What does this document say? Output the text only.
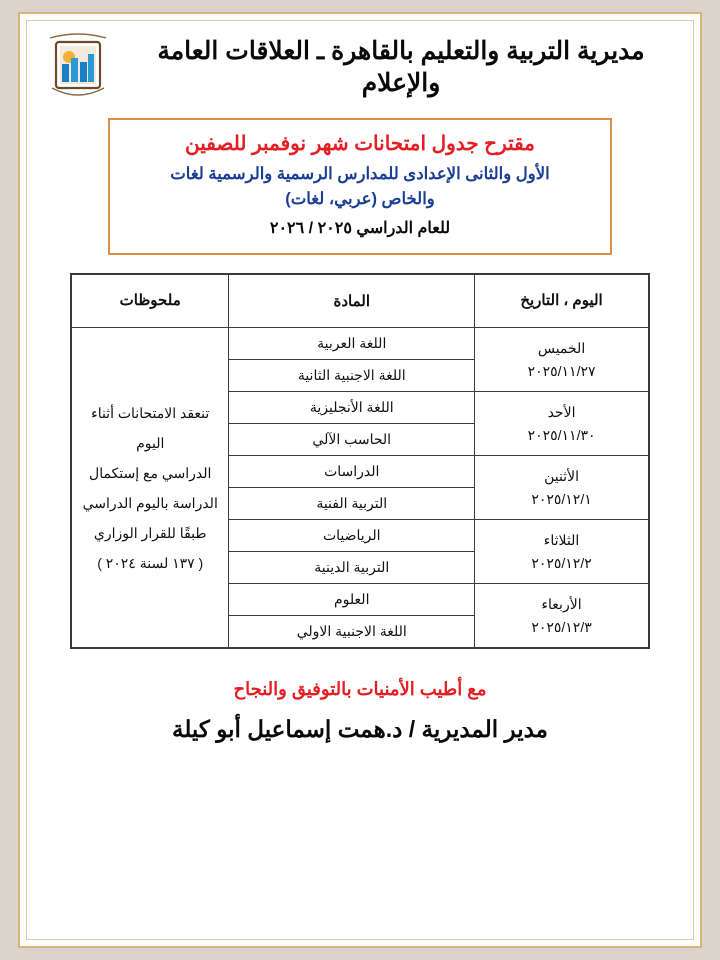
مديرية التربية والتعليم بالقاهرة ـ العلاقات العامة والإعلام
مقترح جدول امتحانات شهر نوفمبر للصفين
الأول والثانى الإعدادى للمدارس الرسمية والرسمية لغات
والخاص (عربي، لغات)
للعام الدراسي ٢٠٢٥ / ٢٠٢٦
اليوم ، التاريخ	المادة	ملحوظات
الخميس
٢٠٢٥/١١/٢٧	اللغة العربية	تنعقد الامتحانات أثناء اليوم
الدراسي مع إستكمال
الدراسة باليوم الدراسي
طبقًا للقرار الوزاري
( ١٣٧ لسنة ٢٠٢٤ )

	اللغة الاجنبية الثانية	
الأحد
٢٠٢٥/١١/٣٠	اللغة الأنجليزية	
	الحاسب الآلي	
الأثنين
٢٠٢٥/١٢/١	الدراسات	
	التربية الفنية	
الثلاثاء
٢٠٢٥/١٢/٢	الرياضيات	
	التربية الدينية	
الأربعاء
٢٠٢٥/١٢/٣	العلوم	
	اللغة الاجنبية الاولي	
مع أطيب الأمنيات بالتوفيق والنجاح
مدير المديرية / د.همت إسماعيل أبو كيلة
